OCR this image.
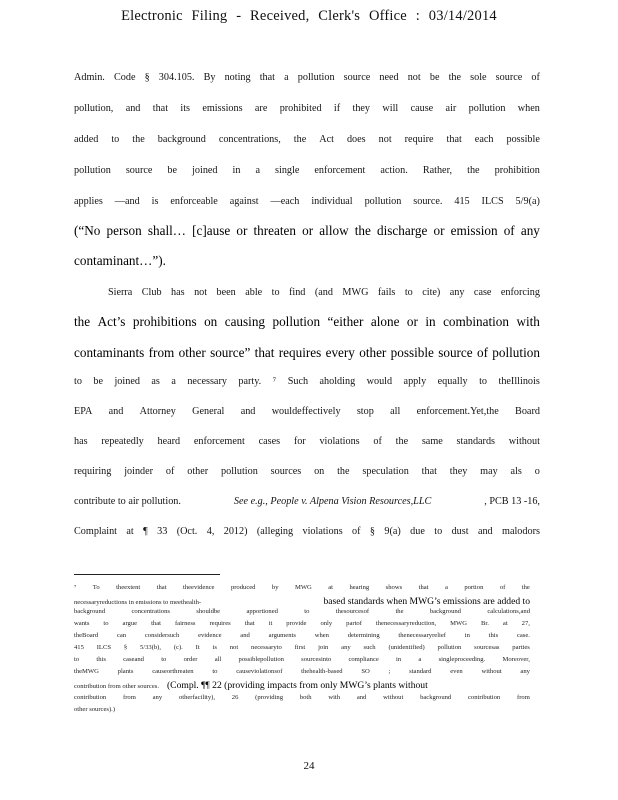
Electronic Filing - Received, Clerk's Office : 03/14/2014
Admin. Code § 304.105. By noting that a pollution source need not be the sole source of
pollution, and that its emissions are prohibited if they will cause air pollution when
added to the background concentrations, the Act does not require that each possible
pollution source be joined in a single enforcement action. Rather, the prohibition
applies —and is enforceable against —each individual pollution source. 415 ILCS 5/9(a)
(“No person shall… [c]ause or threaten or allow the discharge or emission of any
contaminant…”).
Sierra Club has not been able to find (and MWG fails to cite) any case enforcing
the Act’s prohibitions on causing pollution “either alone or in combination with
contaminants from other source” that requires every other possible source of pollution
to be joined as a necessary party. ⁷ Such aholding would apply equally to theIllinois
EPA and Attorney General and wouldeffectively stop all enforcement.Yet,the Board
has repeatedly heard enforcement cases for violations of the same standards without
requiring joinder of other pollution sources on the speculation that they may als o
contribute to air pollution.	See e.g., People v. Alpena Vision Resources,LLC	, PCB 13 -16,
Complaint at ¶ 33 (Oct. 4, 2012) (alleging violations of § 9(a) due to dust and malodors
⁷ To theextent that theevidence produced by MWG at hearing shows that a portion of the
necessaryreductions in emissions to meethealth-	based standards when MWG’s emissions are added to
background	concentrations	shouldbe	apportioned	to	thesourcesof	the	background	calculations,and
wants to argue that fairness requires that it provide only partof thenecessaryreduction, MWG Br. at 27,
theBoard	can	considersuch	evidence	and	arguments	when	determining	thenecessaryrelief	in	this	case.
415 ILCS § 5/33(b), (c). It is not necessaryto first join any such (unidentified) pollution sourcesas parties
to	this	caseand	to	order	all	possiblepollution	sourcesinto	compliance	in	a	singleproceeding.	Moreover,
theMWG	plants	causeorthreaten	to	causeviolationsof	thehealth-based	SO	;	standard	even	without	any
contribution from other sources. (Compl. ¶¶ 22 (providing impacts from only MWG’s plants without
contribution	from	any	otherfacility),	26	(providing	both	with	and	without	background	contribution	from
other sources).)
24
